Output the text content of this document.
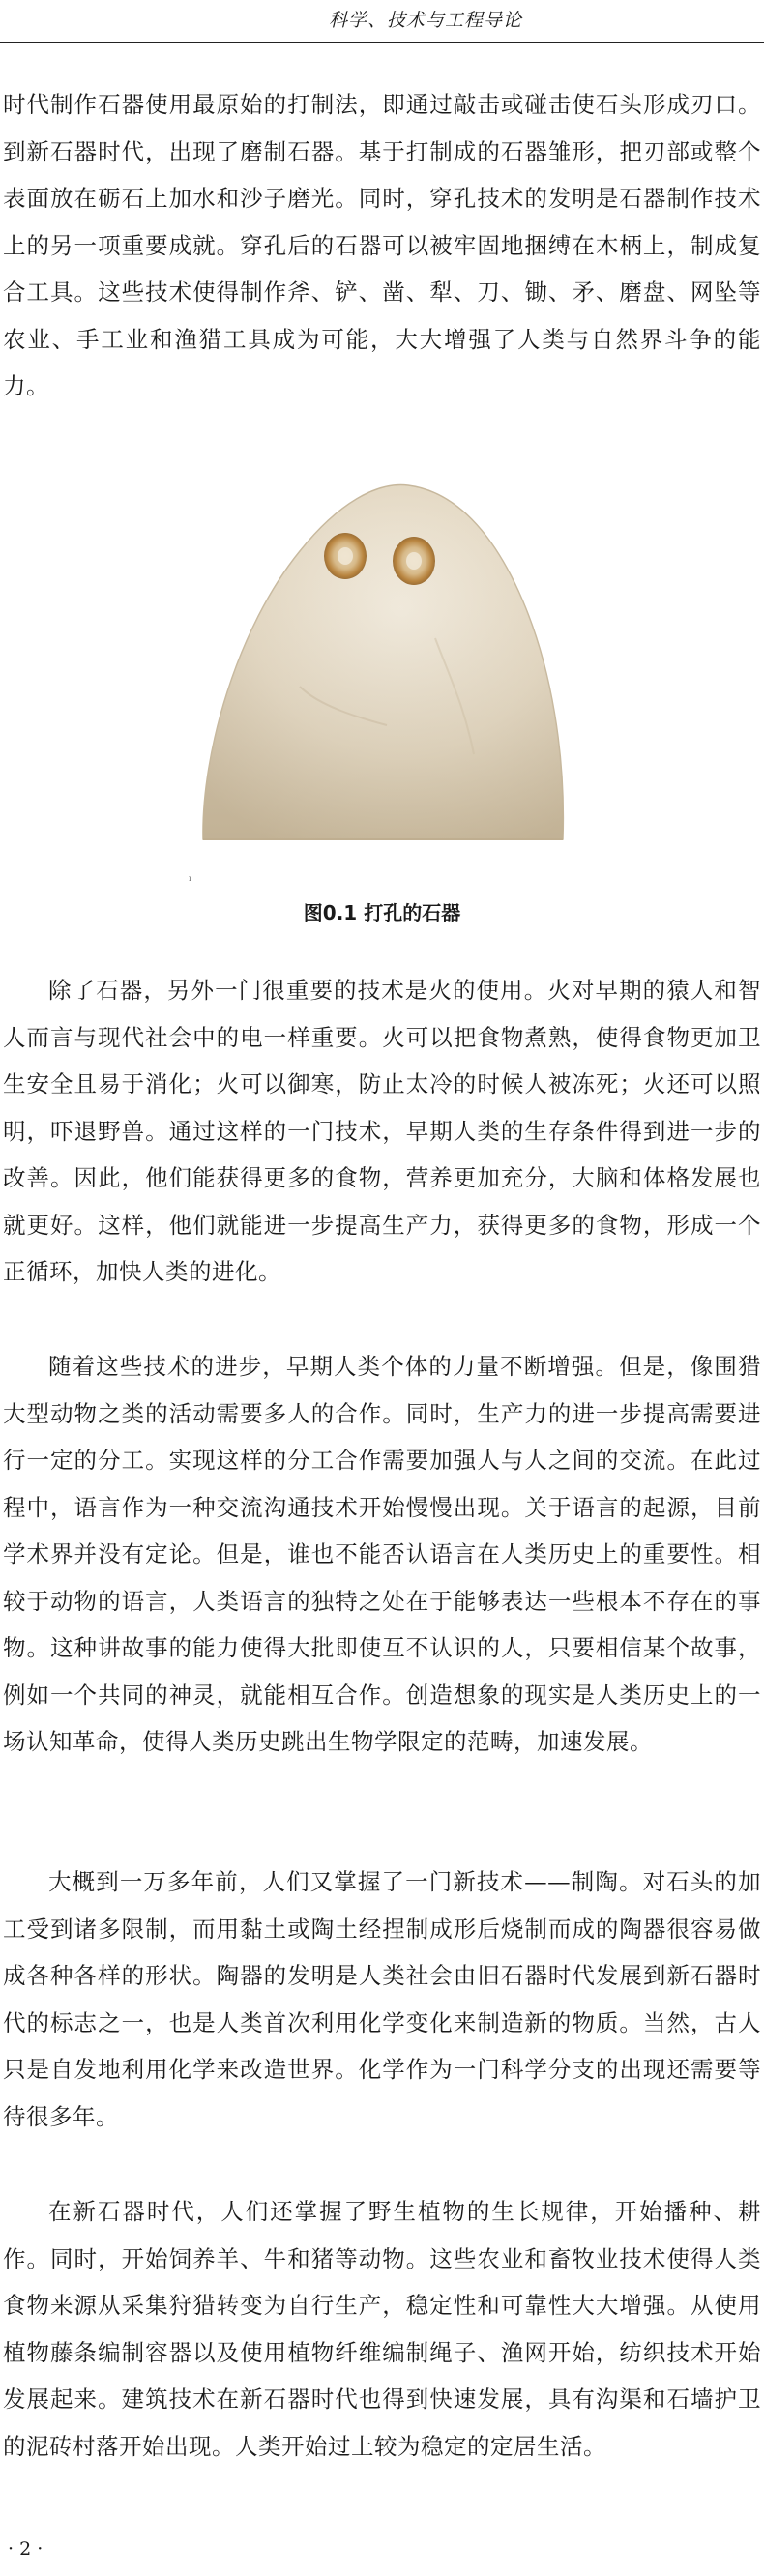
科学、技术与工程导论

时代制作石器使用最原始的打制法，即通过敲击或碰击使石头形成刃口。到新石器时代，出现了磨制石器。基于打制成的石器雏形，把刃部或整个表面放在砺石上加水和沙子磨光。同时，穿孔技术的发明是石器制作技术上的另一项重要成就。穿孔后的石器可以被牢固地捆缚在木柄上，制成复合工具。这些技术使得制作斧、铲、凿、犁、刀、锄、矛、磨盘、网坠等农业、手工业和渔猎工具成为可能，大大增强了人类与自然界斗争的能力。

ı
图0.1 打孔的石器

除了石器，另外一门很重要的技术是火的使用。火对早期的猿人和智人而言与现代社会中的电一样重要。火可以把食物煮熟，使得食物更加卫生安全且易于消化；火可以御寒，防止太冷的时候人被冻死；火还可以照明，吓退野兽。通过这样的一门技术，早期人类的生存条件得到进一步的改善。因此，他们能获得更多的食物，营养更加充分，大脑和体格发展也就更好。这样，他们就能进一步提高生产力，获得更多的食物，形成一个正循环，加快人类的进化。

随着这些技术的进步，早期人类个体的力量不断增强。但是，像围猎大型动物之类的活动需要多人的合作。同时，生产力的进一步提高需要进行一定的分工。实现这样的分工合作需要加强人与人之间的交流。在此过程中，语言作为一种交流沟通技术开始慢慢出现。关于语言的起源，目前学术界并没有定论。但是，谁也不能否认语言在人类历史上的重要性。相较于动物的语言，人类语言的独特之处在于能够表达一些根本不存在的事物。这种讲故事的能力使得大批即使互不认识的人，只要相信某个故事，例如一个共同的神灵，就能相互合作。创造想象的现实是人类历史上的一场认知革命，使得人类历史跳出生物学限定的范畴，加速发展。

大概到一万多年前，人们又掌握了一门新技术——制陶。对石头的加工受到诸多限制，而用黏土或陶土经捏制成形后烧制而成的陶器很容易做成各种各样的形状。陶器的发明是人类社会由旧石器时代发展到新石器时代的标志之一，也是人类首次利用化学变化来制造新的物质。当然，古人只是自发地利用化学来改造世界。化学作为一门科学分支的出现还需要等待很多年。

在新石器时代，人们还掌握了野生植物的生长规律，开始播种、耕作。同时，开始饲养羊、牛和猪等动物。这些农业和畜牧业技术使得人类食物来源从采集狩猎转变为自行生产，稳定性和可靠性大大增强。从使用植物藤条编制容器以及使用植物纤维编制绳子、渔网开始，纺织技术开始发展起来。建筑技术在新石器时代也得到快速发展，具有沟渠和石墙护卫的泥砖村落开始出现。人类开始过上较为稳定的定居生活。

· 2 ·
